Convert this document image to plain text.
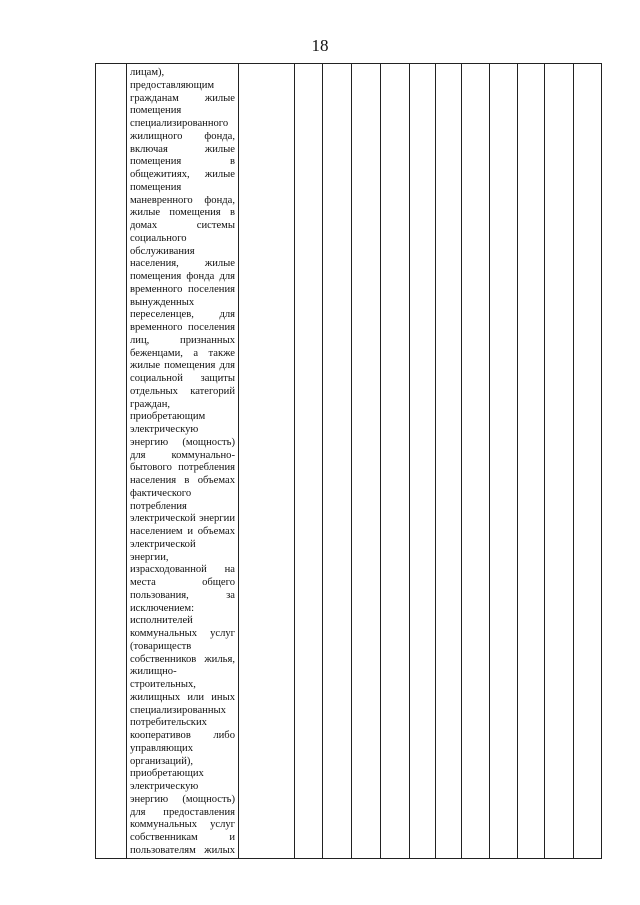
18

лицам),
предоставляющим
гражданам жилые
помещения
специализированного
жилищного фонда,
включая жилые
помещения в
общежитиях, жилые
помещения
маневренного фонда,
жилые помещения в
домах системы
социального
обслуживания
населения, жилые
помещения фонда для
временного поселения
вынужденных
переселенцев, для
временного поселения
лиц, признанных
беженцами, а также
жилые помещения для
социальной защиты
отдельных категорий
граждан,
приобретающим
электрическую
энергию (мощность)
для коммунально-
бытового потребления
населения в объемах
фактического
потребления
электрической энергии
населением и объемах
электрической
энергии,
израсходованной на
места общего
пользования, за
исключением:
исполнителей
коммунальных услуг
(товариществ
собственников жилья,
жилищно-
строительных,
жилищных или иных
специализированных
потребительских
кооперативов либо
управляющих
организаций),
приобретающих
электрическую
энергию (мощность)
для предоставления
коммунальных услуг
собственникам и
пользователям жилых
